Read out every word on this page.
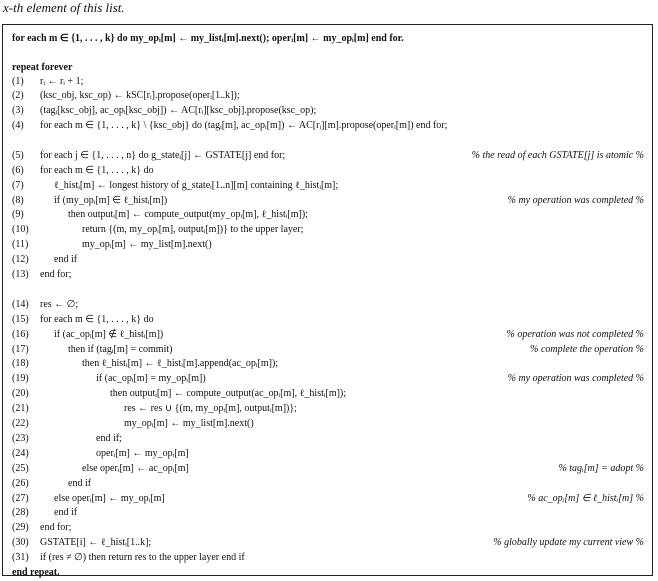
x-th element of this list.
for each m ∈ {1, . . . , k} do my_opᵢ[m] ← my_listᵢ[m].next(); operᵢ[m] ← my_opᵢ[m] end for.
repeat forever
(1) rᵢ ← rᵢ + 1;
(2) (ksc_obj, ksc_op) ← kSC[rᵢ].propose(operᵢ[1..k]);
(3) (tagᵢ[ksc_obj], ac_opᵢ[ksc_obj]) ← AC[rᵢ][ksc_obj].propose(ksc_op);
(4) for each m ∈ {1, . . . , k} \ {ksc_obj} do (tagᵢ[m], ac_opᵢ[m]) ← AC[rᵢ][m].propose(operᵢ[m]) end for;
(5) for each j ∈ {1, . . . , n} do g_stateᵢ[j] ← GSTATE[j] end for;	% the read of each GSTATE[j] is atomic %
(6) for each m ∈ {1, . . . , k} do
(7)	ℓ_histᵢ[m] ← longest history of g_stateᵢ[1..n][m] containing ℓ_histᵢ[m];
(8)	if (my_opᵢ[m] ∈ ℓ_histᵢ[m])	% my operation was completed %
(9)	then outputᵢ[m] ← compute_output(my_opᵢ[m], ℓ_histᵢ[m]);
(10)	return {(m, my_opᵢ[m], outputᵢ[m])} to the upper layer;
(11)	my_opᵢ[m] ← my_list[m].next()
(12)	end if
(13) end for;
(14) res ← ∅;
(15) for each m ∈ {1, . . . , k} do
(16)	if (ac_opᵢ[m] ∉ ℓ_histᵢ[m])	% operation was not completed %
(17)	then if (tagᵢ[m] = commit)	% complete the operation %
(18)	then ℓ_histᵢ[m] ← ℓ_histᵢ[m].append(ac_opᵢ[m]);
(19)	if (ac_opᵢ[m] = my_opᵢ[m])	% my operation was completed %
(20)	then outputᵢ[m] ← compute_output(ac_opᵢ[m], ℓ_histᵢ[m]);
(21)	res ← res ∪ {(m, my_opᵢ[m], outputᵢ[m])};
(22)	my_opᵢ[m] ← my_list[m].next()
(23)	end if;
(24)	operᵢ[m] ← my_opᵢ[m]
(25)	else operᵢ[m] ← ac_opᵢ[m]	% tagᵢ[m] = adopt %
(26)	end if
(27)	else operᵢ[m] ← my_opᵢ[m]	% ac_opᵢ[m] ∈ ℓ_histᵢ[m] %
(28)	end if
(29) end for;
(30) GSTATE[i] ← ℓ_histᵢ[1..k];	% globally update my current view %
(31) if (res ≠ ∅) then return res to the upper layer end if
end repeat.
